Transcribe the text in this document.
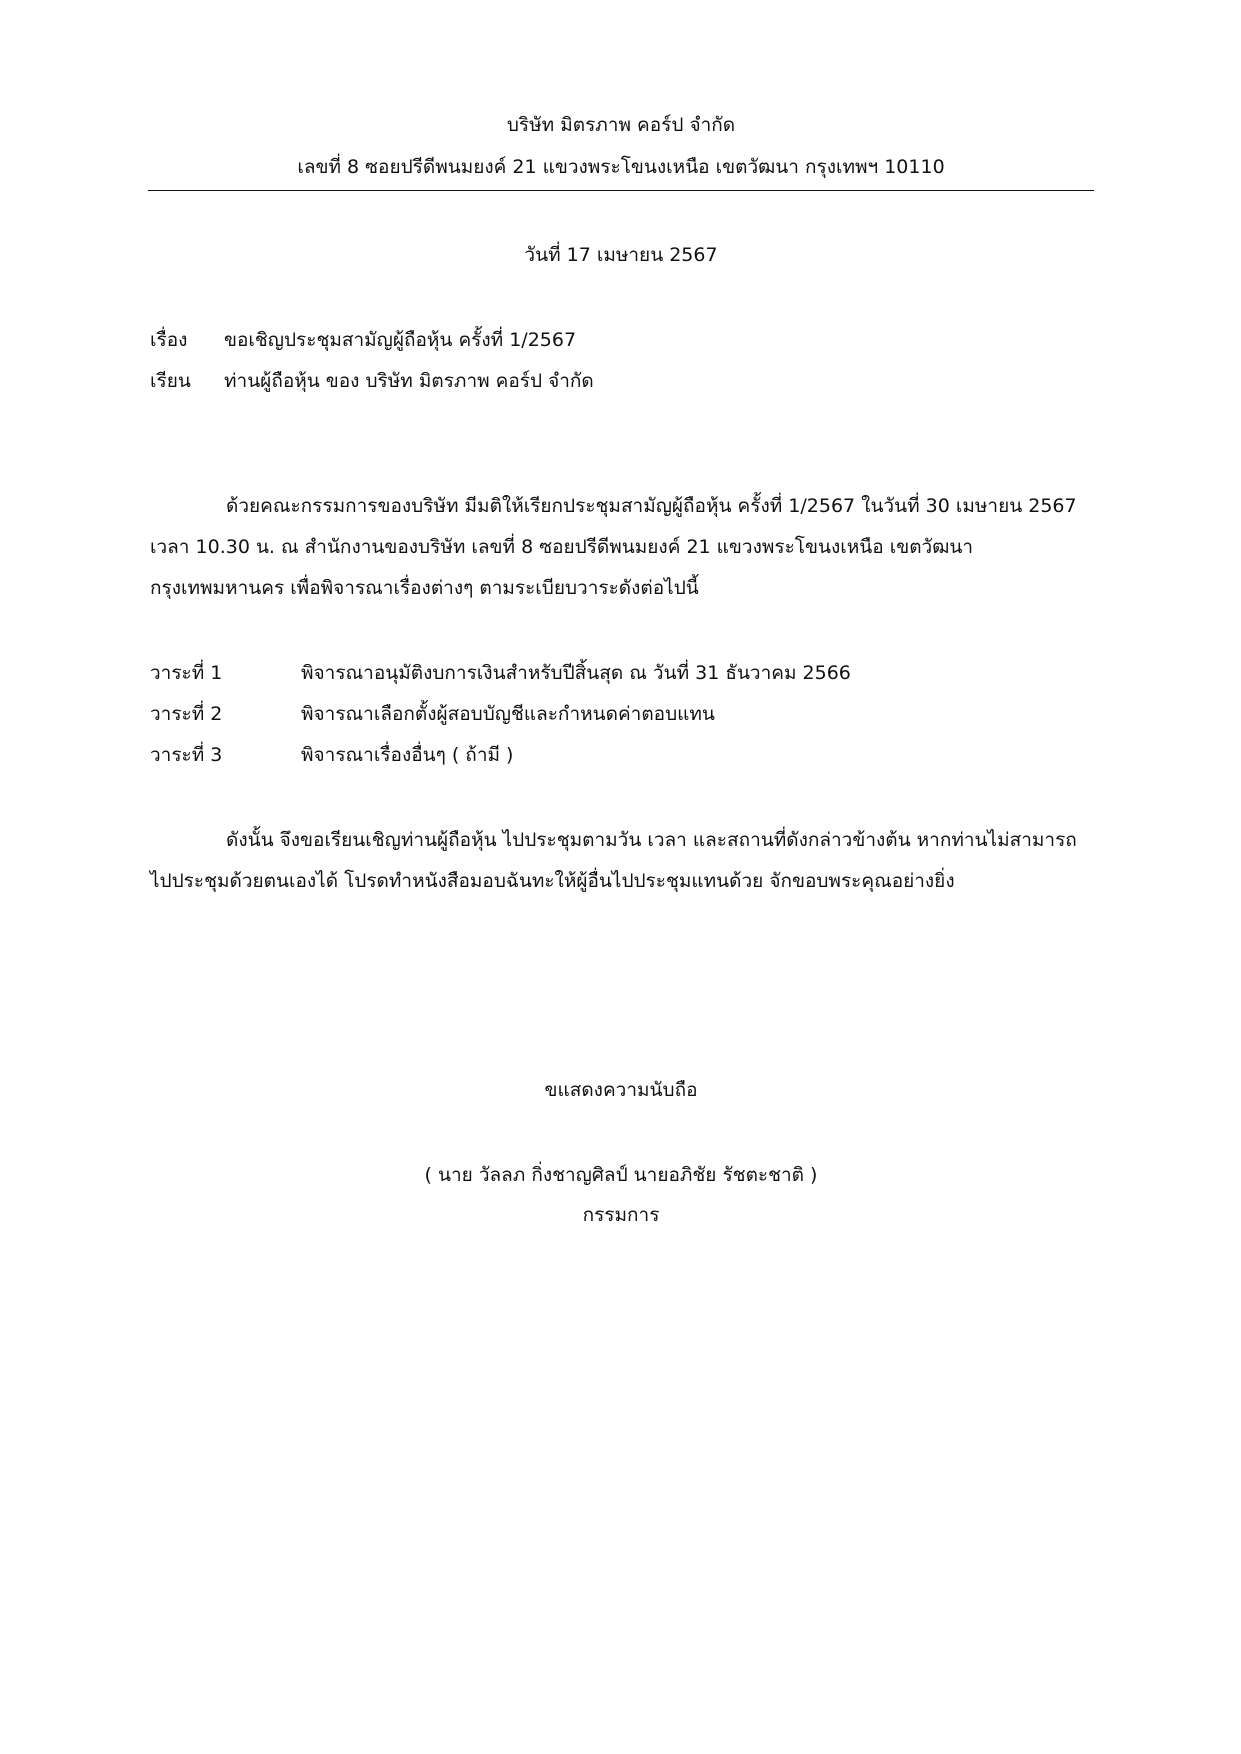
บริษัท มิตรภาพ คอร์ป จำกัด
เลขที่ 8 ซอยปรีดีพนมยงค์ 21 แขวงพระโขนงเหนือ เขตวัฒนา กรุงเทพฯ 10110
วันที่ 17 เมษายน 2567
เรื่อง ขอเชิญประชุมสามัญผู้ถือหุ้น ครั้งที่ 1/2567
เรียน ท่านผู้ถือหุ้น ของ บริษัท มิตรภาพ คอร์ป จำกัด
ด้วยคณะกรรมการของบริษัท มีมติให้เรียกประชุมสามัญผู้ถือหุ้น ครั้งที่ 1/2567 ในวันที่ 30 เมษายน 2567
เวลา 10.30 น. ณ สำนักงานของบริษัท เลขที่ 8 ซอยปรีดีพนมยงค์ 21 แขวงพระโขนงเหนือ เขตวัฒนา
กรุงเทพมหานคร เพื่อพิจารณาเรื่องต่างๆ ตามระเบียบวาระดังต่อไปนี้
วาระที่ 1	พิจารณาอนุมัติงบการเงินสำหรับปีสิ้นสุด ณ วันที่ 31 ธันวาคม 2566
วาระที่ 2	พิจารณาเลือกตั้งผู้สอบบัญชีและกำหนดค่าตอบแทน
วาระที่ 3	พิจารณาเรื่องอื่นๆ ( ถ้ามี )
ดังนั้น จึงขอเรียนเชิญท่านผู้ถือหุ้น ไปประชุมตามวัน เวลา และสถานที่ดังกล่าวข้างต้น หากท่านไม่สามารถ
ไปประชุมด้วยตนเองได้ โปรดทำหนังสือมอบฉันทะให้ผู้อื่นไปประชุมแทนด้วย จักขอบพระคุณอย่างยิ่ง
ขแสดงความนับถือ
( นาย วัลลภ กิ่งชาญศิลป์ นายอภิชัย รัชตะชาติ )
กรรมการ
